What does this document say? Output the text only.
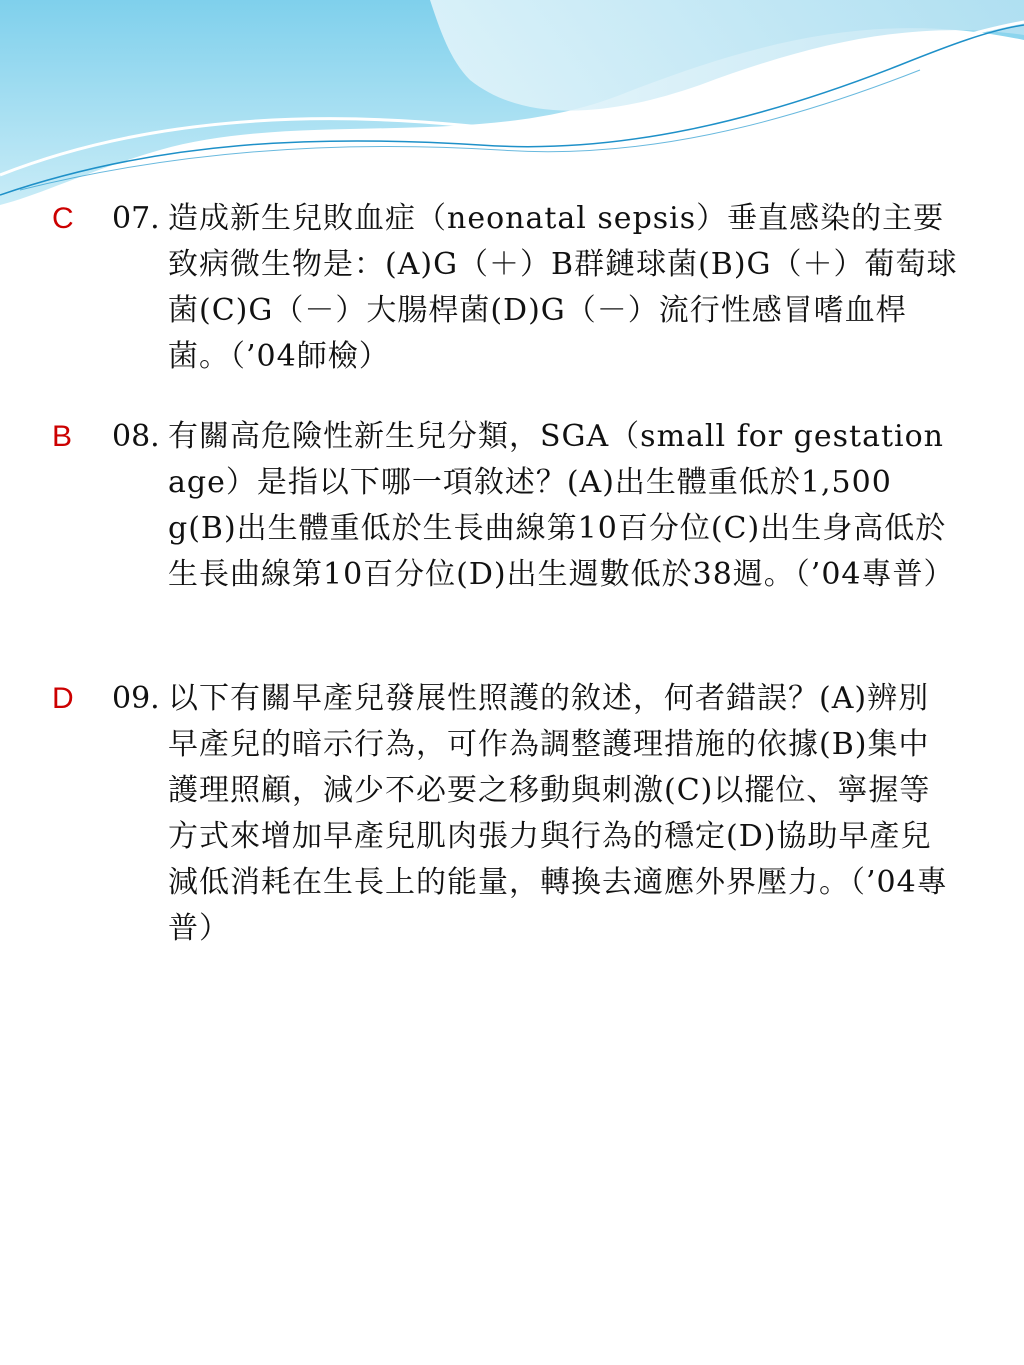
C 07. 造成新生兒敗血症（neonatal sepsis）垂直感染的主要致病微生物是：(A)G（＋）B群鏈球菌(B)G（＋）葡萄球菌(C)G（－）大腸桿菌(D)G（－）流行性感冒嗜血桿菌。（’04師檢）
B 08. 有關高危險性新生兒分類，SGA（small for gestation age）是指以下哪一項敘述？(A)出生體重低於1,500 g(B)出生體重低於生長曲線第10百分位(C)出生身高低於生長曲線第10百分位(D)出生週數低於38週。（’04專普）
D 09. 以下有關早產兒發展性照護的敘述，何者錯誤？(A)辨別早產兒的暗示行為，可作為調整護理措施的依據(B)集中護理照顧，減少不必要之移動與刺激(C)以擺位、寧握等方式來增加早產兒肌肉張力與行為的穩定(D)協助早產兒減低消耗在生長上的能量，轉換去適應外界壓力。（’04專普）
